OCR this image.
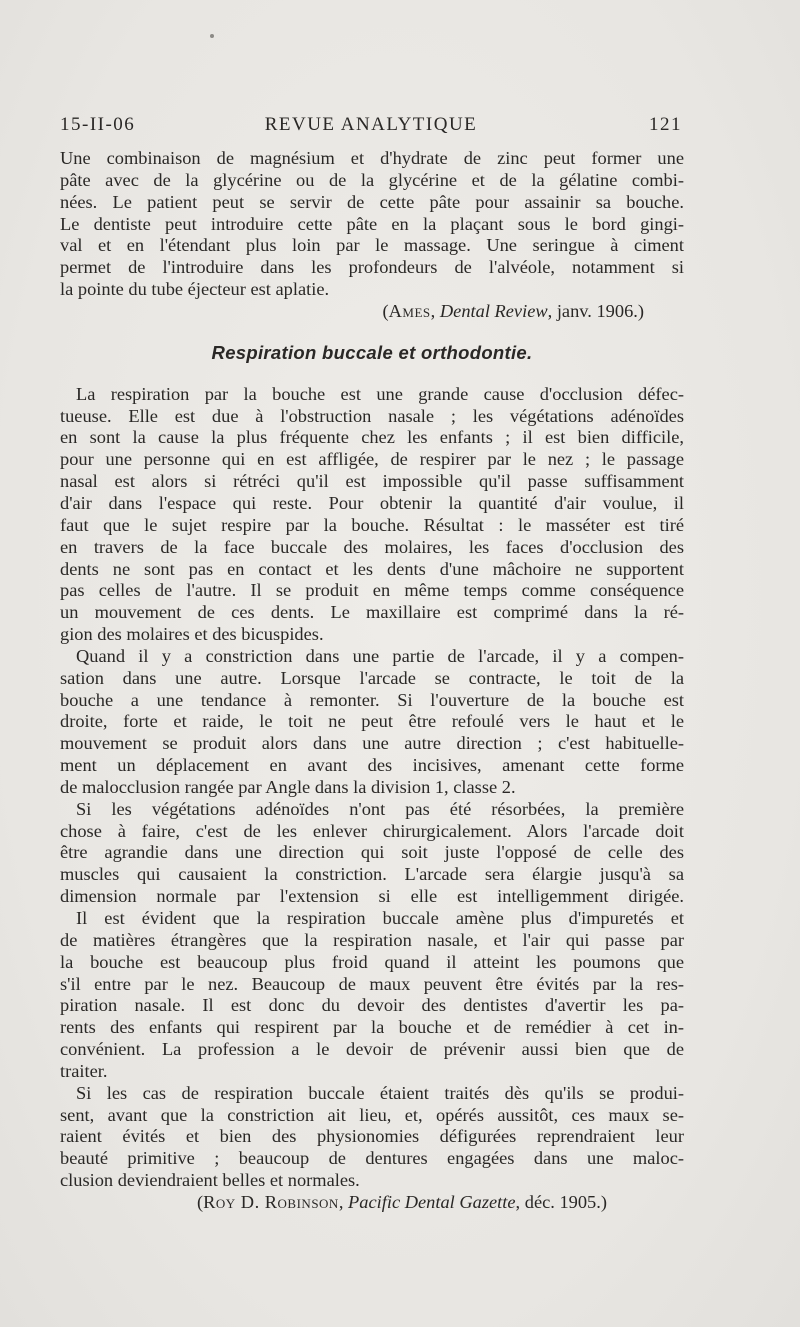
15-II-06	REVUE ANALYTIQUE	121
Une combinaison de magnésium et d'hydrate de zinc peut former une
pâte avec de la glycérine ou de la glycérine et de la gélatine combi-
nées. Le patient peut se servir de cette pâte pour assainir sa bouche.
Le dentiste peut introduire cette pâte en la plaçant sous le bord gingi-
val et en l'étendant plus loin par le massage. Une seringue à ciment
permet de l'introduire dans les profondeurs de l'alvéole, notamment si
la pointe du tube éjecteur est aplatie.
(Ames, Dental Review, janv. 1906.)
Respiration buccale et orthodontie.
La respiration par la bouche est une grande cause d'occlusion défec-
tueuse. Elle est due à l'obstruction nasale ; les végétations adénoïdes
en sont la cause la plus fréquente chez les enfants ; il est bien difficile,
pour une personne qui en est affligée, de respirer par le nez ; le passage
nasal est alors si rétréci qu'il est impossible qu'il passe suffisamment
d'air dans l'espace qui reste. Pour obtenir la quantité d'air voulue, il
faut que le sujet respire par la bouche. Résultat : le masséter est tiré
en travers de la face buccale des molaires, les faces d'occlusion des
dents ne sont pas en contact et les dents d'une mâchoire ne supportent
pas celles de l'autre. Il se produit en même temps comme conséquence
un mouvement de ces dents. Le maxillaire est comprimé dans la ré-
gion des molaires et des bicuspides.
Quand il y a constriction dans une partie de l'arcade, il y a compen-
sation dans une autre. Lorsque l'arcade se contracte, le toit de la
bouche a une tendance à remonter. Si l'ouverture de la bouche est
droite, forte et raide, le toit ne peut être refoulé vers le haut et le
mouvement se produit alors dans une autre direction ; c'est habituelle-
ment un déplacement en avant des incisives, amenant cette forme
de malocclusion rangée par Angle dans la division 1, classe 2.
Si les végétations adénoïdes n'ont pas été résorbées, la première
chose à faire, c'est de les enlever chirurgicalement. Alors l'arcade doit
être agrandie dans une direction qui soit juste l'opposé de celle des
muscles qui causaient la constriction. L'arcade sera élargie jusqu'à sa
dimension normale par l'extension si elle est intelligemment dirigée.
Il est évident que la respiration buccale amène plus d'impuretés et
de matières étrangères que la respiration nasale, et l'air qui passe par
la bouche est beaucoup plus froid quand il atteint les poumons que
s'il entre par le nez. Beaucoup de maux peuvent être évités par la res-
piration nasale. Il est donc du devoir des dentistes d'avertir les pa-
rents des enfants qui respirent par la bouche et de remédier à cet in-
convénient. La profession a le devoir de prévenir aussi bien que de
traiter.
Si les cas de respiration buccale étaient traités dès qu'ils se produi-
sent, avant que la constriction ait lieu, et, opérés aussitôt, ces maux se-
raient évités et bien des physionomies défigurées reprendraient leur
beauté primitive ; beaucoup de dentures engagées dans une maloc-
clusion deviendraient belles et normales.
(Roy D. Robinson, Pacific Dental Gazette, déc. 1905.)
